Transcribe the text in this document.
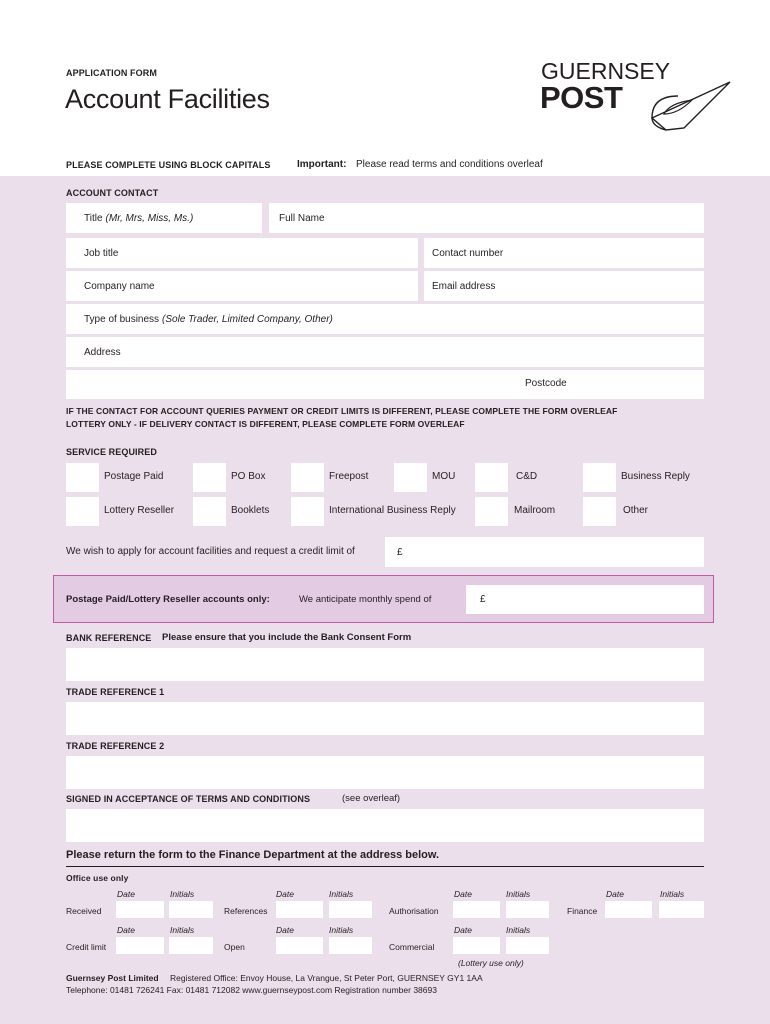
APPLICATION FORM
Account Facilities
GUERNSEY
POST
PLEASE COMPLETE USING BLOCK CAPITALS	Important: Please read terms and conditions overleaf
ACCOUNT CONTACT
Title (Mr, Mrs, Miss, Ms.)	Full Name
Job title	Contact number
Company name	Email address
Type of business (Sole Trader, Limited Company, Other)
Address
Postcode
IF THE CONTACT FOR ACCOUNT QUERIES PAYMENT OR CREDIT LIMITS IS DIFFERENT, PLEASE COMPLETE THE FORM OVERLEAF
LOTTERY ONLY - IF DELIVERY CONTACT IS DIFFERENT, PLEASE COMPLETE FORM OVERLEAF
SERVICE REQUIRED
Postage Paid	PO Box	Freepost	MOU	C&D	Business Reply
Lottery Reseller	Booklets	International Business Reply	Mailroom	Other
We wish to apply for account facilities and request a credit limit of	£
Postage Paid/Lottery Reseller accounts only:	We anticipate monthly spend of	£
BANK REFERENCE Please ensure that you include the Bank Consent Form
TRADE REFERENCE 1
TRADE REFERENCE 2
SIGNED IN ACCEPTANCE OF TERMS AND CONDITIONS	(see overleaf)
Please return the form to the Finance Department at the address below.
Office use only
Date	Initials	Date	Initials	Date	Initials	Date	Initials
Received	References	Authorisation	Finance
Date	Initials	Date	Initials	Date	Initials
Credit limit	Open	Commercial
(Lottery use only)
Guernsey Post Limited Registered Office: Envoy House, La Vrangue, St Peter Port, GUERNSEY GY1 1AA
Telephone: 01481 726241 Fax: 01481 712082 www.guernseypost.com Registration number 38693
